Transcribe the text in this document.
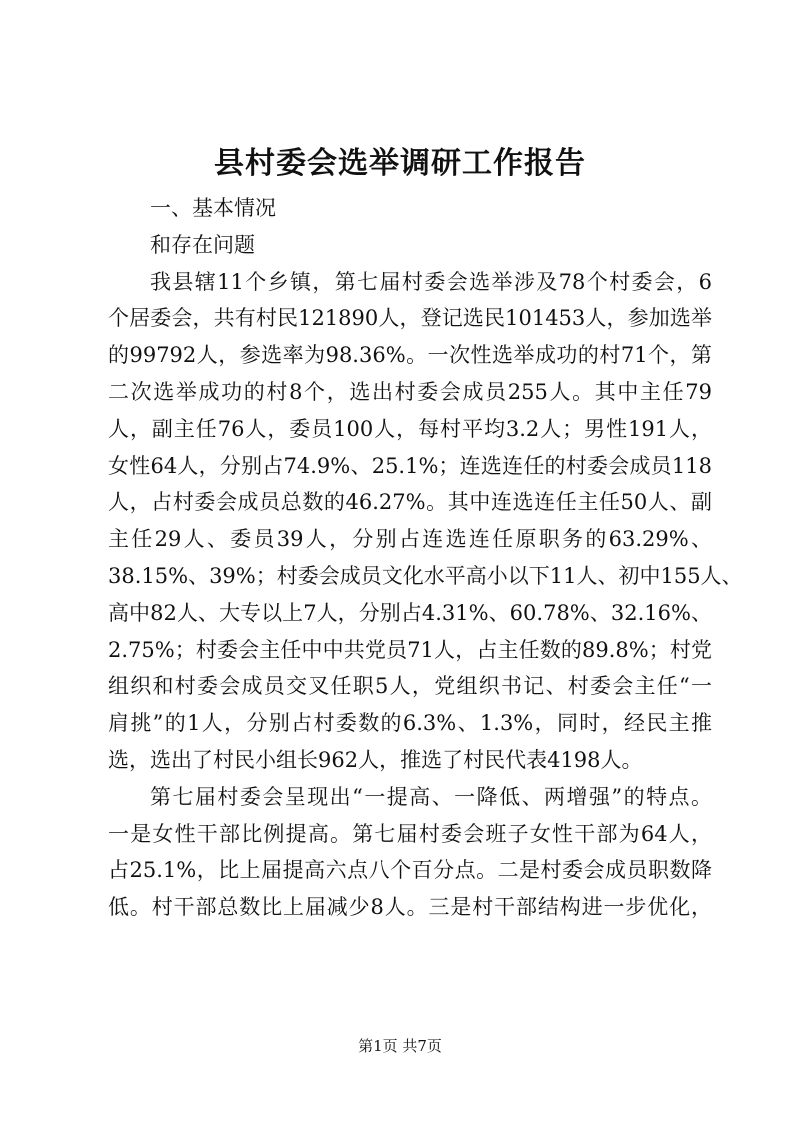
县村委会选举调研工作报告
一、基本情况
和存在问题
我县辖11个乡镇，第七届村委会选举涉及78个村委会，6
个居委会，共有村民121890人，登记选民101453人，参加选举
的99792人，参选率为98.36%。一次性选举成功的村71个，第
二次选举成功的村8个，选出村委会成员255人。其中主任79
人，副主任76人，委员100人，每村平均3.2人；男性191人，
女性64人，分别占74.9%、25.1%；连选连任的村委会成员118
人，占村委会成员总数的46.27%。其中连选连任主任50人、副
主任29人、委员39人，分别占连选连任原职务的63.29%、
38.15%、39%；村委会成员文化水平高小以下11人、初中155人、
高中82人、大专以上7人，分别占4.31%、60.78%、32.16%、
2.75%；村委会主任中中共党员71人，占主任数的89.8%；村党
组织和村委会成员交叉任职5人，党组织书记、村委会主任“一
肩挑”的1人，分别占村委数的6.3%、1.3%，同时，经民主推
选，选出了村民小组长962人，推选了村民代表4198人。
第七届村委会呈现出“一提高、一降低、两增强”的特点。
一是女性干部比例提高。第七届村委会班子女性干部为64人，
占25.1%，比上届提高六点八个百分点。二是村委会成员职数降
低。村干部总数比上届减少8人。三是村干部结构进一步优化，
第1页 共7页
